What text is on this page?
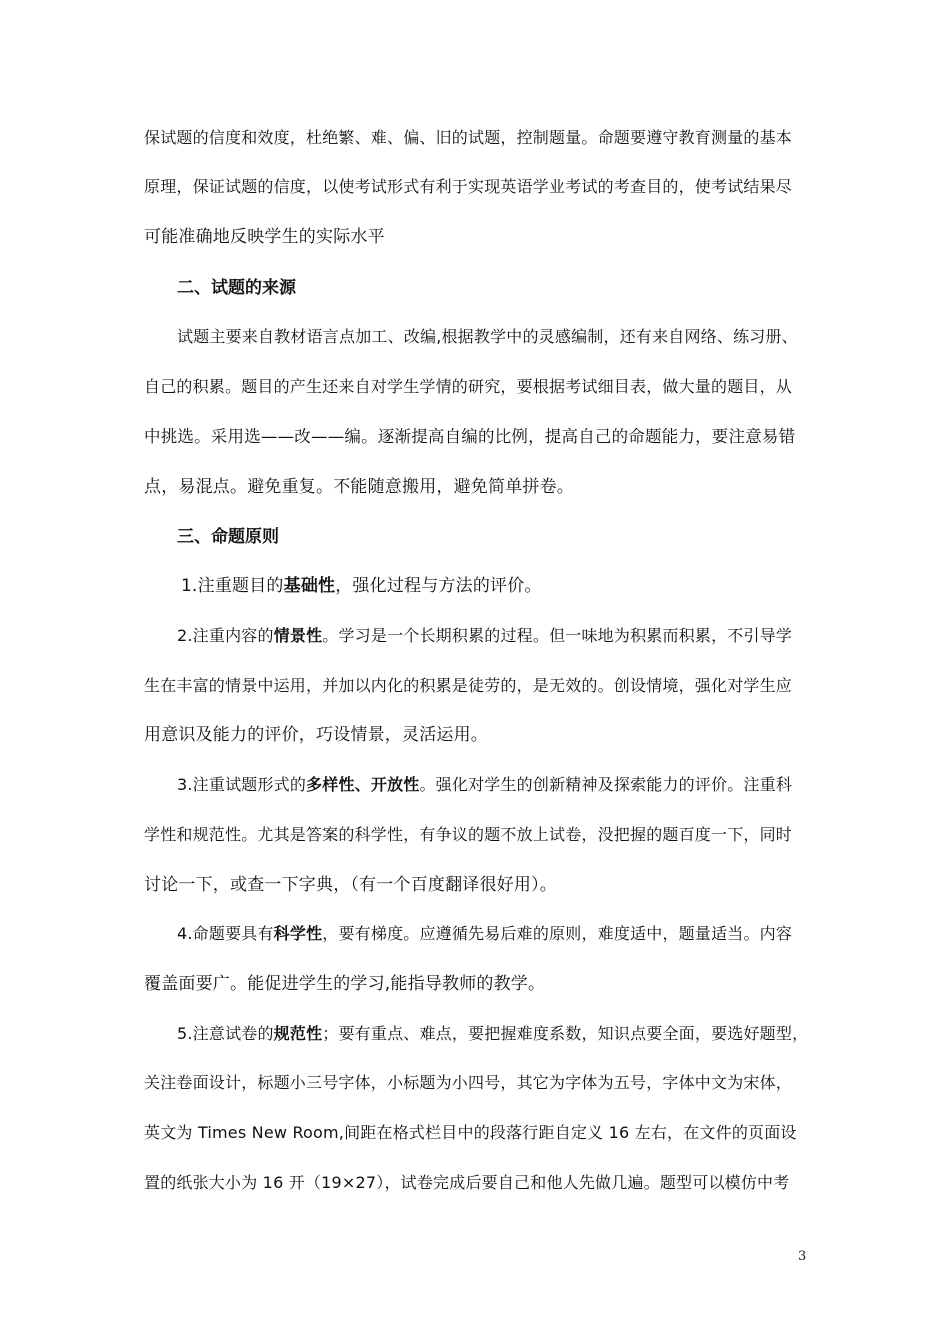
保试题的信度和效度，杜绝繁、难、偏、旧的试题，控制题量。命题要遵守教育测量的基本
原理，保证试题的信度，以使考试形式有利于实现英语学业考试的考查目的，使考试结果尽
可能准确地反映学生的实际水平
二、试题的来源
试题主要来自教材语言点加工、改编,根据教学中的灵感编制，还有来自网络、练习册、
自己的积累。题目的产生还来自对学生学情的研究，要根据考试细目表，做大量的题目，从
中挑选。采用选——改——编。逐渐提高自编的比例，提高自己的命题能力，要注意易错
点，易混点。避免重复。不能随意搬用，避免简单拼卷。
三、命题原则
1.注重题目的基础性，强化过程与方法的评价。
2.注重内容的情景性。学习是一个长期积累的过程。但一味地为积累而积累，不引导学
生在丰富的情景中运用，并加以内化的积累是徒劳的，是无效的。创设情境，强化对学生应
用意识及能力的评价，巧设情景，灵活运用。
3.注重试题形式的多样性、开放性。强化对学生的创新精神及探索能力的评价。注重科
学性和规范性。尤其是答案的科学性，有争议的题不放上试卷，没把握的题百度一下，同时
讨论一下，或查一下字典，（有一个百度翻译很好用）。
4.命题要具有科学性，要有梯度。应遵循先易后难的原则，难度适中，题量适当。内容
覆盖面要广。能促进学生的学习,能指导教师的教学。
5.注意试卷的规范性；要有重点、难点，要把握难度系数，知识点要全面，要选好题型，
关注卷面设计，标题小三号字体，小标题为小四号，其它为字体为五号，字体中文为宋体，
英文为 Times New Room,间距在格式栏目中的段落行距自定义 16 左右，在文件的页面设
置的纸张大小为 16 开（19×27），试卷完成后要自己和他人先做几遍。题型可以模仿中考
3
